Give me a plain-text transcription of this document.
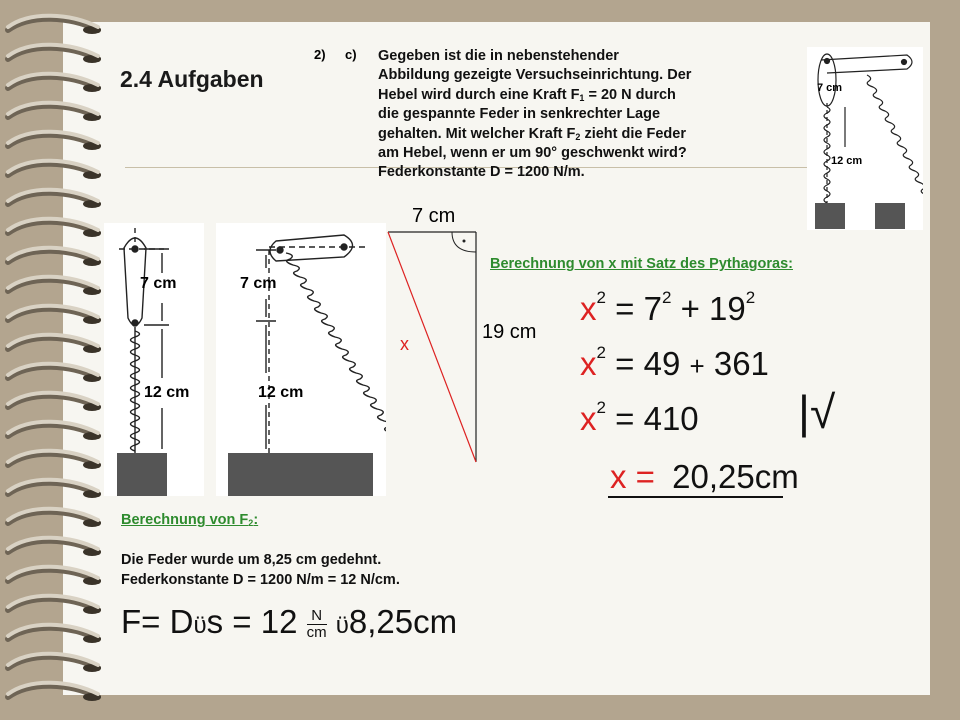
2.4 Aufgaben
2) c) Gegeben ist die in nebenstehender
Abbildung gezeigte Versuchseinrichtung. Der
Hebel wird durch eine Kraft $F_1 = 20$ N durch
die gespannte Feder in senkrechter Lage
gehalten. Mit welcher Kraft $F_2$ zieht die Feder
am Hebel, wenn er um 90° geschwenkt wird?
Federkonstante D = 1200 N/m.
7 cm
12 cm
7 cm
12 cm
7 cm
12 cm
7 cm
19 cm
x
Berechnung von x mit Satz des Pythagoras:
$x^2 = 7^2 + 19^2$
$x^2 = 49 + 361$
$x^2 = 410$ |√
x = 20,25cm
Berechnung von $F_2$:
Die Feder wurde um 8,25 cm gedehnt.
Federkonstante D = 1200 N/m = 12 N/cm.
$F= Dϋs = 12 \frac{N}{cm} ϋ8,25cm$
